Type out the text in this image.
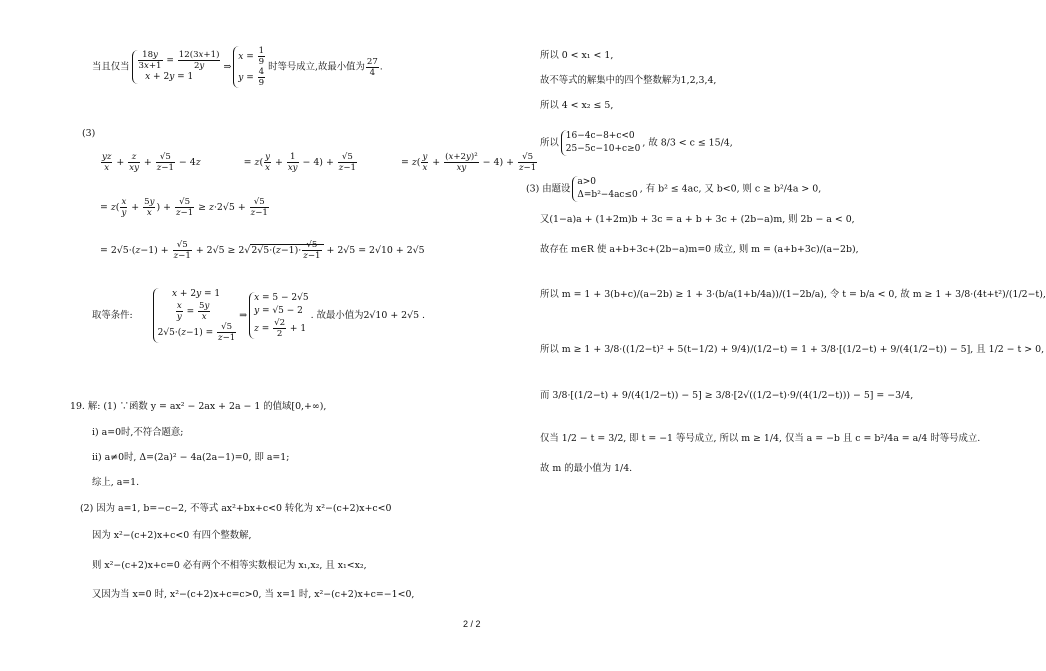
当且仅当 $\frac{18y}{3x+1} = \frac{12(3x+1)}{2y}$
x + 2y = 1
⇒
$x = \frac{1}{9}$
$y = \frac{4}{9}$ 时等号成立,故最小值为 $\frac{27}{4}$ .
(3)
$\frac{yz}{x} + \frac{z}{xy} + \frac{√5}{z-1} - 4z$	= $z( \frac{y}{x} + \frac{1}{xy} - 4) + \frac{√5}{z-1}$	= $z( \frac{y}{x} + \frac{\text{(x+2y)²}}{xy} - 4) + \frac{√5}{z-1}$
= $z( \frac{x}{y} + \frac{5y}{x}$ ) + $\frac{√5}{z-1} \ge z\cdot 2√5 + \frac{√5}{z-1}$
= $2√5\cdot(z-1) + \frac{√5}{z-1} + 2√5 \ge 2√2√5\cdot(z-1)\cdot \frac{√5}{z-1} + 2√5 = 2√10 + 2√5$
取等条件:
x + 2y = 1

$\frac{x}{y} = \frac{5y}{x}$
$2√5\cdot(z-1) = \frac{√5}{z-1}$
⇒
x = 5 − 2√5
y = √5 − 2
$z = \frac{√2}{2} + 1$
. 故最小值为2√10 + 2√5 .
19. 解: (1) ∵函数 y = ax² − 2ax + 2a − 1 的值域[0,+∞),
i) a=0时,不符合题意;
ii) a≠0时, Δ=(2a)² − 4a(2a−1)=0, 即 a=1;
综上, a=1.
(2) 因为 a=1, b=−c−2, 不等式 ax²+bx+c<0 转化为 x²−(c+2)x+c<0
因为 x²−(c+2)x+c<0 有四个整数解,
则 x²−(c+2)x+c=0 必有两个不相等实数根记为 x₁,x₂, 且 x₁<x₂,
又因为当 x=0 时, x²−(c+2)x+c=c>0, 当 x=1 时, x²−(c+2)x+c=−1<0,
所以 0 < x₁ < 1,
故不等式的解集中的四个整数解为1,2,3,4,
所以 4 < x₂ ≤ 5,
所以
16−4c−8+c<0
25−5c−10+c≥0
, 故 8/3 < c ≤ 15/4,
(3) 由题设
a>0
Δ=b²−4ac≤0
, 有 b² ≤ 4ac, 又 b<0, 则 c ≥ b²/4a > 0,
又(1−a)a + (1+2m)b + 3c = a + b + 3c + (2b−a)m, 则 2b − a < 0,
故存在 m∈R 使 a+b+3c+(2b−a)m=0 成立, 则 m = (a+b+3c)/(a−2b),
所以 m = 1 + 3(b+c)/(a−2b) ≥ 1 + 3·(b/a(1+b/4a))/(1−2b/a), 令 t = b/a < 0, 故 m ≥ 1 + 3/8·(4t+t²)/(1/2−t),
所以 m ≥ 1 + 3/8·((1/2−t)² + 5(t−1/2) + 9/4)/(1/2−t) = 1 + 3/8·[(1/2−t) + 9/(4(1/2−t)) − 5], 且 1/2 − t > 0,
而 3/8·[(1/2−t) + 9/(4(1/2−t)) − 5] ≥ 3/8·[2√((1/2−t)·9/(4(1/2−t))) − 5] = −3/4,
仅当 1/2 − t = 3/2, 即 t = −1 等号成立, 所以 m ≥ 1/4, 仅当 a = −b 且 c = b²/4a = a/4 时等号成立.
故 m 的最小值为 1/4.
2 / 2
